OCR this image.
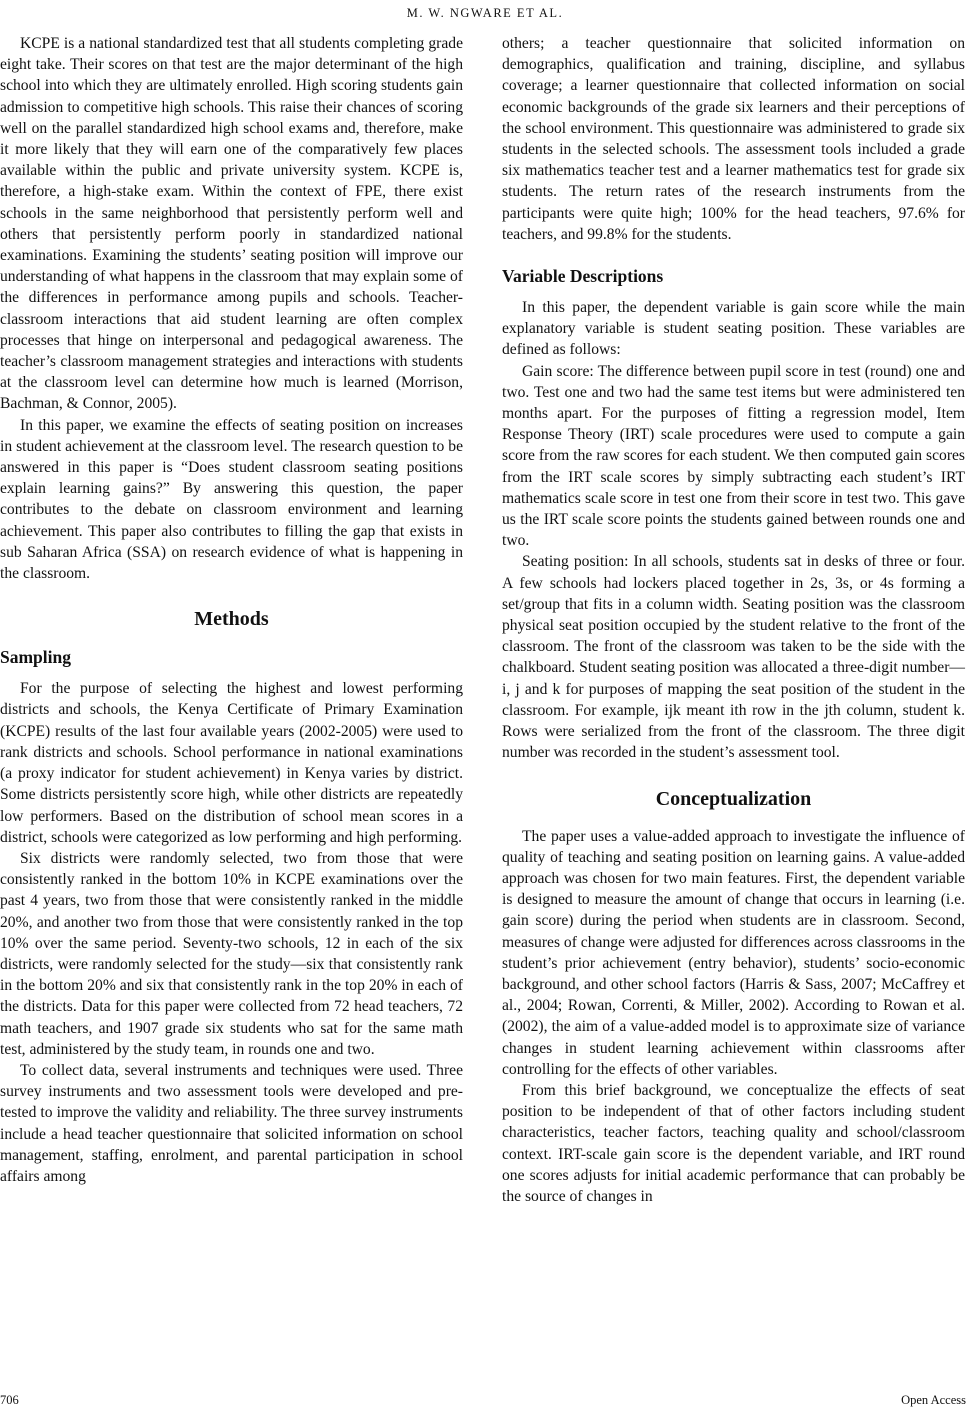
M. W. NGWARE ET AL.

KCPE is a national standardized test that all students completing grade eight take. Their scores on that test are the major determinant of the high school into which they are ultimately enrolled. High scoring students gain admission to competitive high schools. This raise their chances of scoring well on the parallel standardized high school exams and, therefore, make it more likely that they will earn one of the comparatively few places available within the public and private university system. KCPE is, therefore, a high-stake exam. Within the context of FPE, there exist schools in the same neighborhood that persistently perform well and others that persistently perform poorly in standardized national examinations. Examining the students’ seating position will improve our understanding of what happens in the classroom that may explain some of the differences in performance among pupils and schools. Teacher-classroom interactions that aid student learning are often complex processes that hinge on interpersonal and pedagogical awareness. The teacher’s classroom management strategies and interactions with students at the classroom level can determine how much is learned (Morrison, Bachman, & Connor, 2005).

In this paper, we examine the effects of seating position on increases in student achievement at the classroom level. The research question to be answered in this paper is “Does student classroom seating positions explain learning gains?” By answering this question, the paper contributes to the debate on classroom environment and learning achievement. This paper also contributes to filling the gap that exists in sub Saharan Africa (SSA) on research evidence of what is happening in the classroom.

Methods
Sampling

For the purpose of selecting the highest and lowest performing districts and schools, the Kenya Certificate of Primary Examination (KCPE) results of the last four available years (2002-2005) were used to rank districts and schools. School performance in national examinations (a proxy indicator for student achievement) in Kenya varies by district. Some districts persistently score high, while other districts are repeatedly low performers. Based on the distribution of school mean scores in a district, schools were categorized as low performing and high performing.

Six districts were randomly selected, two from those that were consistently ranked in the bottom 10% in KCPE examinations over the past 4 years, two from those that were consistently ranked in the middle 20%, and another two from those that were consistently ranked in the top 10% over the same period. Seventy-two schools, 12 in each of the six districts, were randomly selected for the study—six that consistently rank in the bottom 20% and six that consistently rank in the top 20% in each of the districts. Data for this paper were collected from 72 head teachers, 72 math teachers, and 1907 grade six students who sat for the same math test, administered by the study team, in rounds one and two.

To collect data, several instruments and techniques were used. Three survey instruments and two assessment tools were developed and pre-tested to improve the validity and reliability. The three survey instruments include a head teacher questionnaire that solicited information on school management, staffing, enrolment, and parental participation in school affairs among

others; a teacher questionnaire that solicited information on demographics, qualification and training, discipline, and syllabus coverage; a learner questionnaire that collected information on social economic backgrounds of the grade six learners and their perceptions of the school environment. This questionnaire was administered to grade six students in the selected schools. The assessment tools included a grade six mathematics teacher test and a learner mathematics test for grade six students. The return rates of the research instruments from the participants were quite high; 100% for the head teachers, 97.6% for teachers, and 99.8% for the students.

Variable Descriptions

In this paper, the dependent variable is gain score while the main explanatory variable is student seating position. These variables are defined as follows:

Gain score: The difference between pupil score in test (round) one and two. Test one and two had the same test items but were administered ten months apart. For the purposes of fitting a regression model, Item Response Theory (IRT) scale procedures were used to compute a gain score from the raw scores for each student. We then computed gain scores from the IRT scale scores by simply subtracting each student’s IRT mathematics scale score in test one from their score in test two. This gave us the IRT scale score points the students gained between rounds one and two.

Seating position: In all schools, students sat in desks of three or four. A few schools had lockers placed together in 2s, 3s, or 4s forming a set/group that fits in a column width. Seating position was the classroom physical seat position occupied by the student relative to the front of the classroom. The front of the classroom was taken to be the side with the chalkboard. Student seating position was allocated a three-digit number—i, j and k for purposes of mapping the seat position of the student in the classroom. For example, ijk meant ith row in the jth column, student k. Rows were serialized from the front of the classroom. The three digit number was recorded in the student’s assessment tool.

Conceptualization

The paper uses a value-added approach to investigate the influence of quality of teaching and seating position on learning gains. A value-added approach was chosen for two main features. First, the dependent variable is designed to measure the amount of change that occurs in learning (i.e. gain score) during the period when students are in classroom. Second, measures of change were adjusted for differences across classrooms in the student’s prior achievement (entry behavior), students’ socio-economic background, and other school factors (Harris & Sass, 2007; McCaffrey et al., 2004; Rowan, Correnti, & Miller, 2002). According to Rowan et al. (2002), the aim of a value-added model is to approximate size of variance changes in student learning achievement within classrooms after controlling for the effects of other variables.

From this brief background, we conceptualize the effects of seat position to be independent of that of other factors including student characteristics, teacher factors, teaching quality and school/classroom context. IRT-scale gain score is the dependent variable, and IRT round one scores adjusts for initial academic performance that can probably be the source of changes in

706	Open Access
